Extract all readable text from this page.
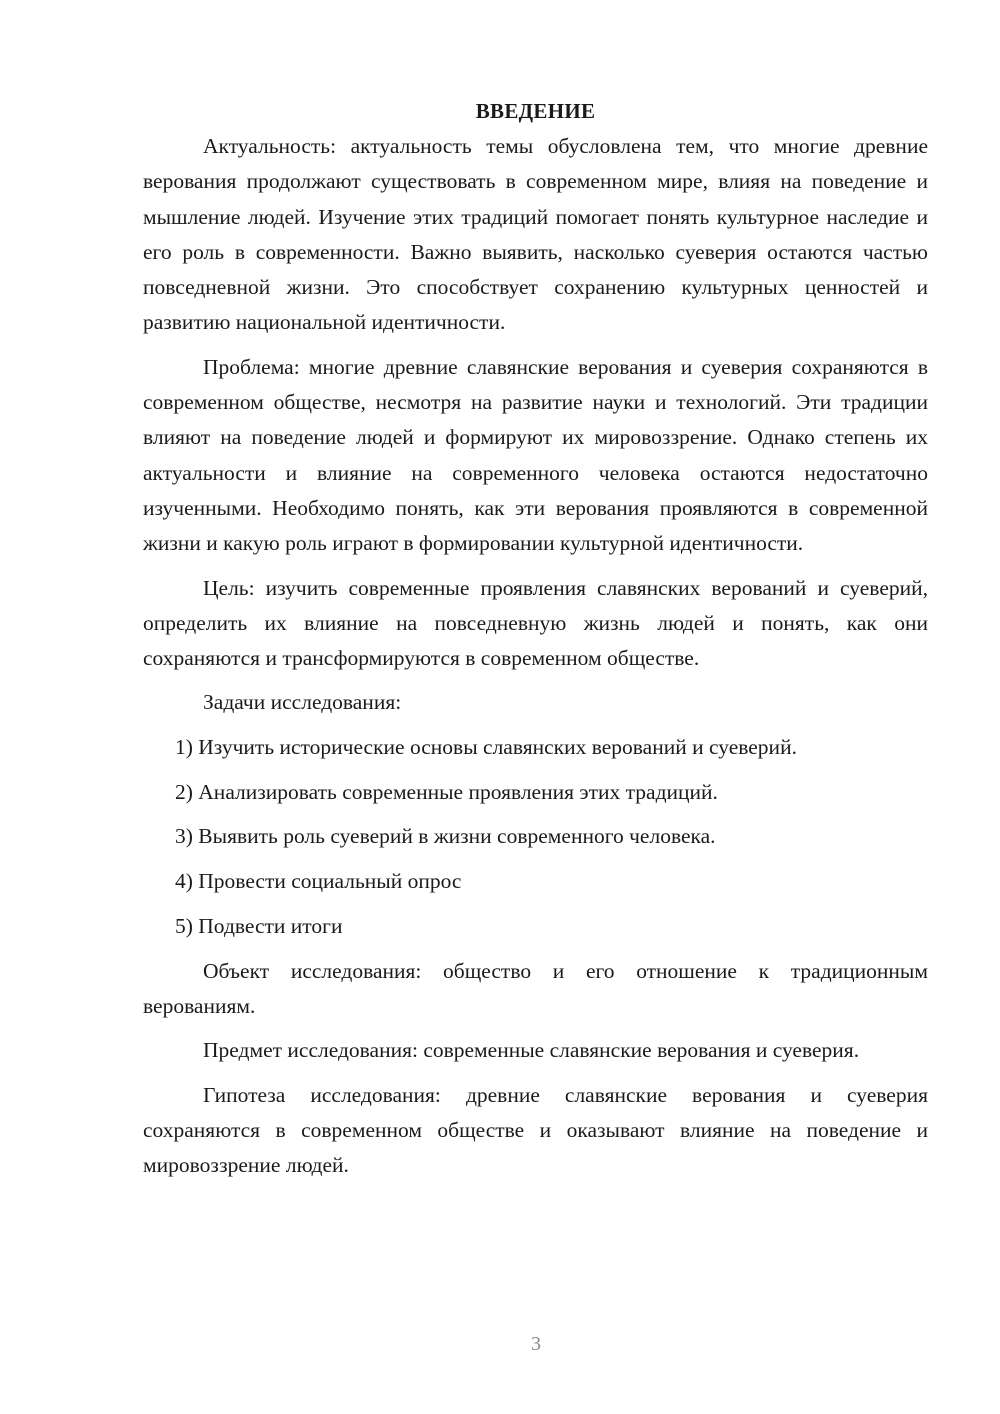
ВВЕДЕНИЕ

Актуальность: актуальность темы обусловлена тем, что многие древние верования продолжают существовать в современном мире, влияя на поведение и мышление людей. Изучение этих традиций помогает понять культурное наследие и его роль в современности. Важно выявить, насколько суеверия остаются частью повседневной жизни. Это способствует сохранению культурных ценностей и развитию национальной идентичности.

Проблема: многие древние славянские верования и суеверия сохраняются в современном обществе, несмотря на развитие науки и технологий. Эти традиции влияют на поведение людей и формируют их мировоззрение. Однако степень их актуальности и влияние на современного человека остаются недостаточно изученными. Необходимо понять, как эти верования проявляются в современной жизни и какую роль играют в формировании культурной идентичности.

Цель: изучить современные проявления славянских верований и суеверий, определить их влияние на повседневную жизнь людей и понять, как они сохраняются и трансформируются в современном обществе.

Задачи исследования:

1) Изучить исторические основы славянских верований и суеверий.
2) Анализировать современные проявления этих традиций.
3) Выявить роль суеверий в жизни современного человека.
4) Провести социальный опрос
5) Подвести итоги

Объект исследования: общество и его отношение к традиционным верованиям.

Предмет исследования: современные славянские верования и суеверия.

Гипотеза исследования: древние славянские верования и суеверия сохраняются в современном обществе и оказывают влияние на поведение и мировоззрение людей.

3
